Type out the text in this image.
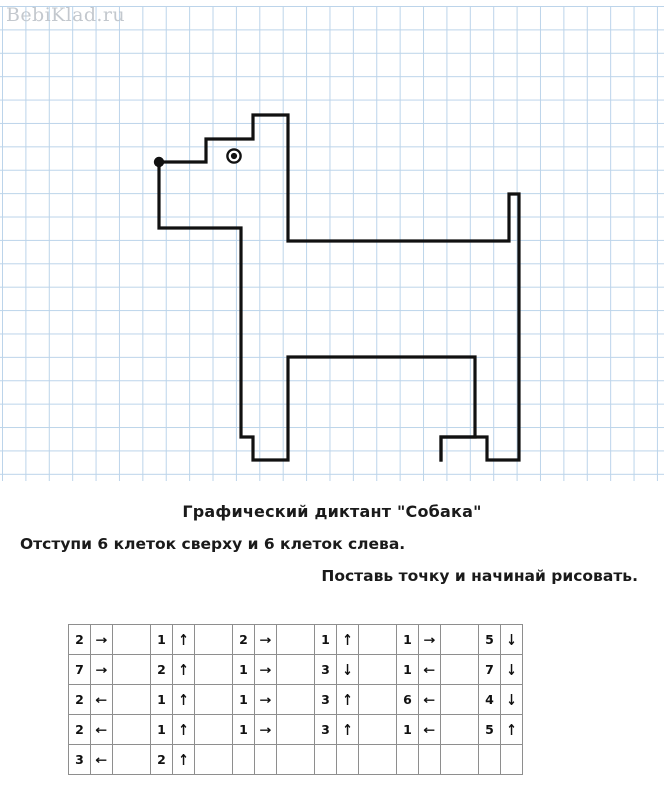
BebiKlad.ru
Графический диктант "Собака"
Отступи 6 клеток сверху и 6 клеток слева.
Поставь точку и начинай рисовать.
2	→		1	↑		2	→		1	↑		1	→		5	↓
7	→		2	↑		1	→		3	↓		1	←		7	↓
2	←		1	↑		1	→		3	↑		6	←		4	↓
2	←		1	↑		1	→		3	↑		1	←		5	↑
3	←		2	↑												
